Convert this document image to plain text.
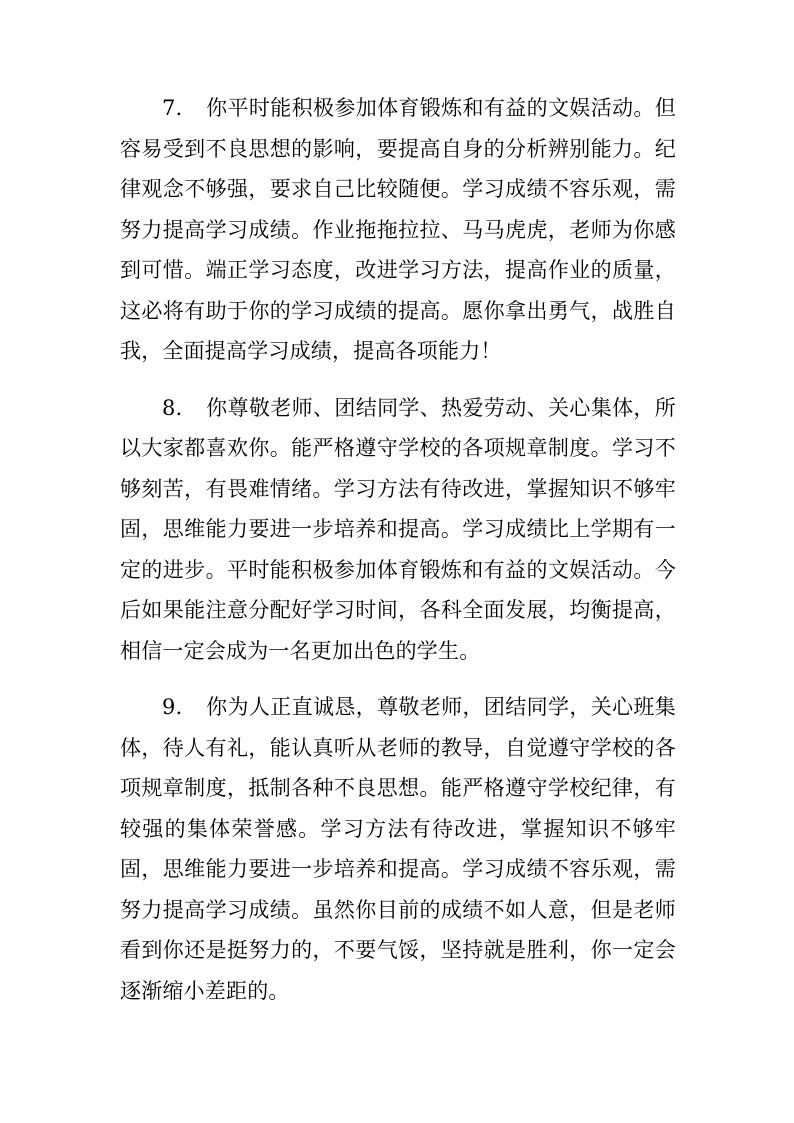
7. 你平时能积极参加体育锻炼和有益的文娱活动。但容易受到不良思想的影响，要提高自身的分析辨别能力。纪律观念不够强，要求自己比较随便。学习成绩不容乐观，需努力提高学习成绩。作业拖拖拉拉、马马虎虎，老师为你感到可惜。端正学习态度，改进学习方法，提高作业的质量，这必将有助于你的学习成绩的提高。愿你拿出勇气，战胜自我，全面提高学习成绩，提高各项能力！

8. 你尊敬老师、团结同学、热爱劳动、关心集体，所以大家都喜欢你。能严格遵守学校的各项规章制度。学习不够刻苦，有畏难情绪。学习方法有待改进，掌握知识不够牢固，思维能力要进一步培养和提高。学习成绩比上学期有一定的进步。平时能积极参加体育锻炼和有益的文娱活动。今后如果能注意分配好学习时间，各科全面发展，均衡提高，相信一定会成为一名更加出色的学生。

9. 你为人正直诚恳，尊敬老师，团结同学，关心班集体，待人有礼，能认真听从老师的教导，自觉遵守学校的各项规章制度，抵制各种不良思想。能严格遵守学校纪律，有较强的集体荣誉感。学习方法有待改进，掌握知识不够牢固，思维能力要进一步培养和提高。学习成绩不容乐观，需努力提高学习成绩。虽然你目前的成绩不如人意，但是老师看到你还是挺努力的，不要气馁，坚持就是胜利，你一定会逐渐缩小差距的。
